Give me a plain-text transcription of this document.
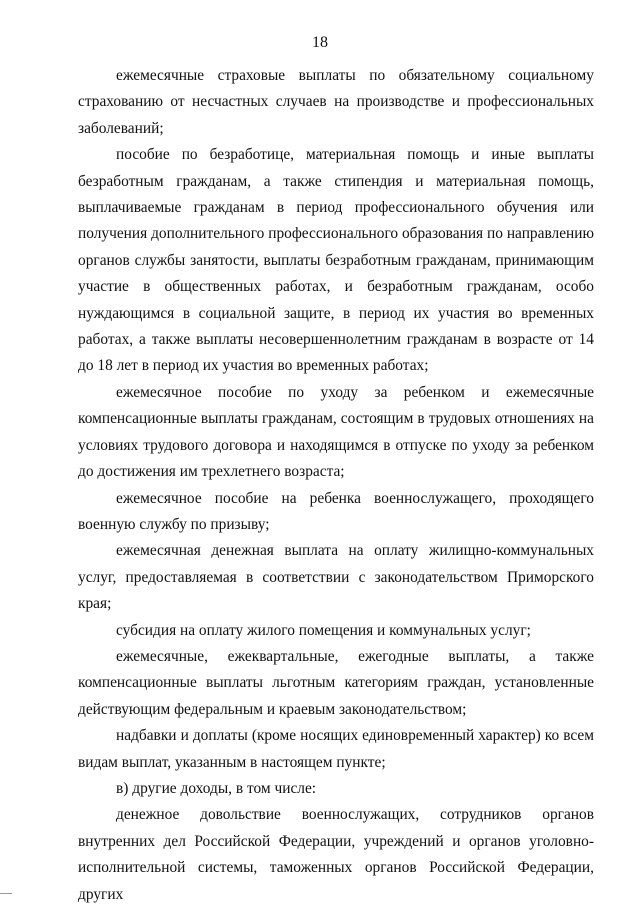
18

ежемесячные страховые выплаты по обязательному социальному страхованию от несчастных случаев на производстве и профессиональных заболеваний;

пособие по безработице, материальная помощь и иные выплаты безработным гражданам, а также стипендия и материальная помощь, выплачиваемые гражданам в период профессионального обучения или получения дополнительного профессионального образования по направлению органов службы занятости, выплаты безработным гражданам, принимающим участие в общественных работах, и безработным гражданам, особо нуждающимся в социальной защите, в период их участия во временных работах, а также выплаты несовершеннолетним гражданам в возрасте от 14 до 18 лет в период их участия во временных работах;

ежемесячное пособие по уходу за ребенком и ежемесячные компенсационные выплаты гражданам, состоящим в трудовых отношениях на условиях трудового договора и находящимся в отпуске по уходу за ребенком до достижения им трехлетнего возраста;

ежемесячное пособие на ребенка военнослужащего, проходящего военную службу по призыву;

ежемесячная денежная выплата на оплату жилищно-коммунальных услуг, предоставляемая в соответствии с законодательством Приморского края;

субсидия на оплату жилого помещения и коммунальных услуг;

ежемесячные, ежеквартальные, ежегодные выплаты, а также компенсационные выплаты льготным категориям граждан, установленные действующим федеральным и краевым законодательством;

надбавки и доплаты (кроме носящих единовременный характер) ко всем видам выплат, указанным в настоящем пункте;

в) другие доходы, в том числе:

денежное довольствие военнослужащих, сотрудников органов внутренних дел Российской Федерации, учреждений и органов уголовно-исполнительной системы, таможенных органов Российской Федерации, других
